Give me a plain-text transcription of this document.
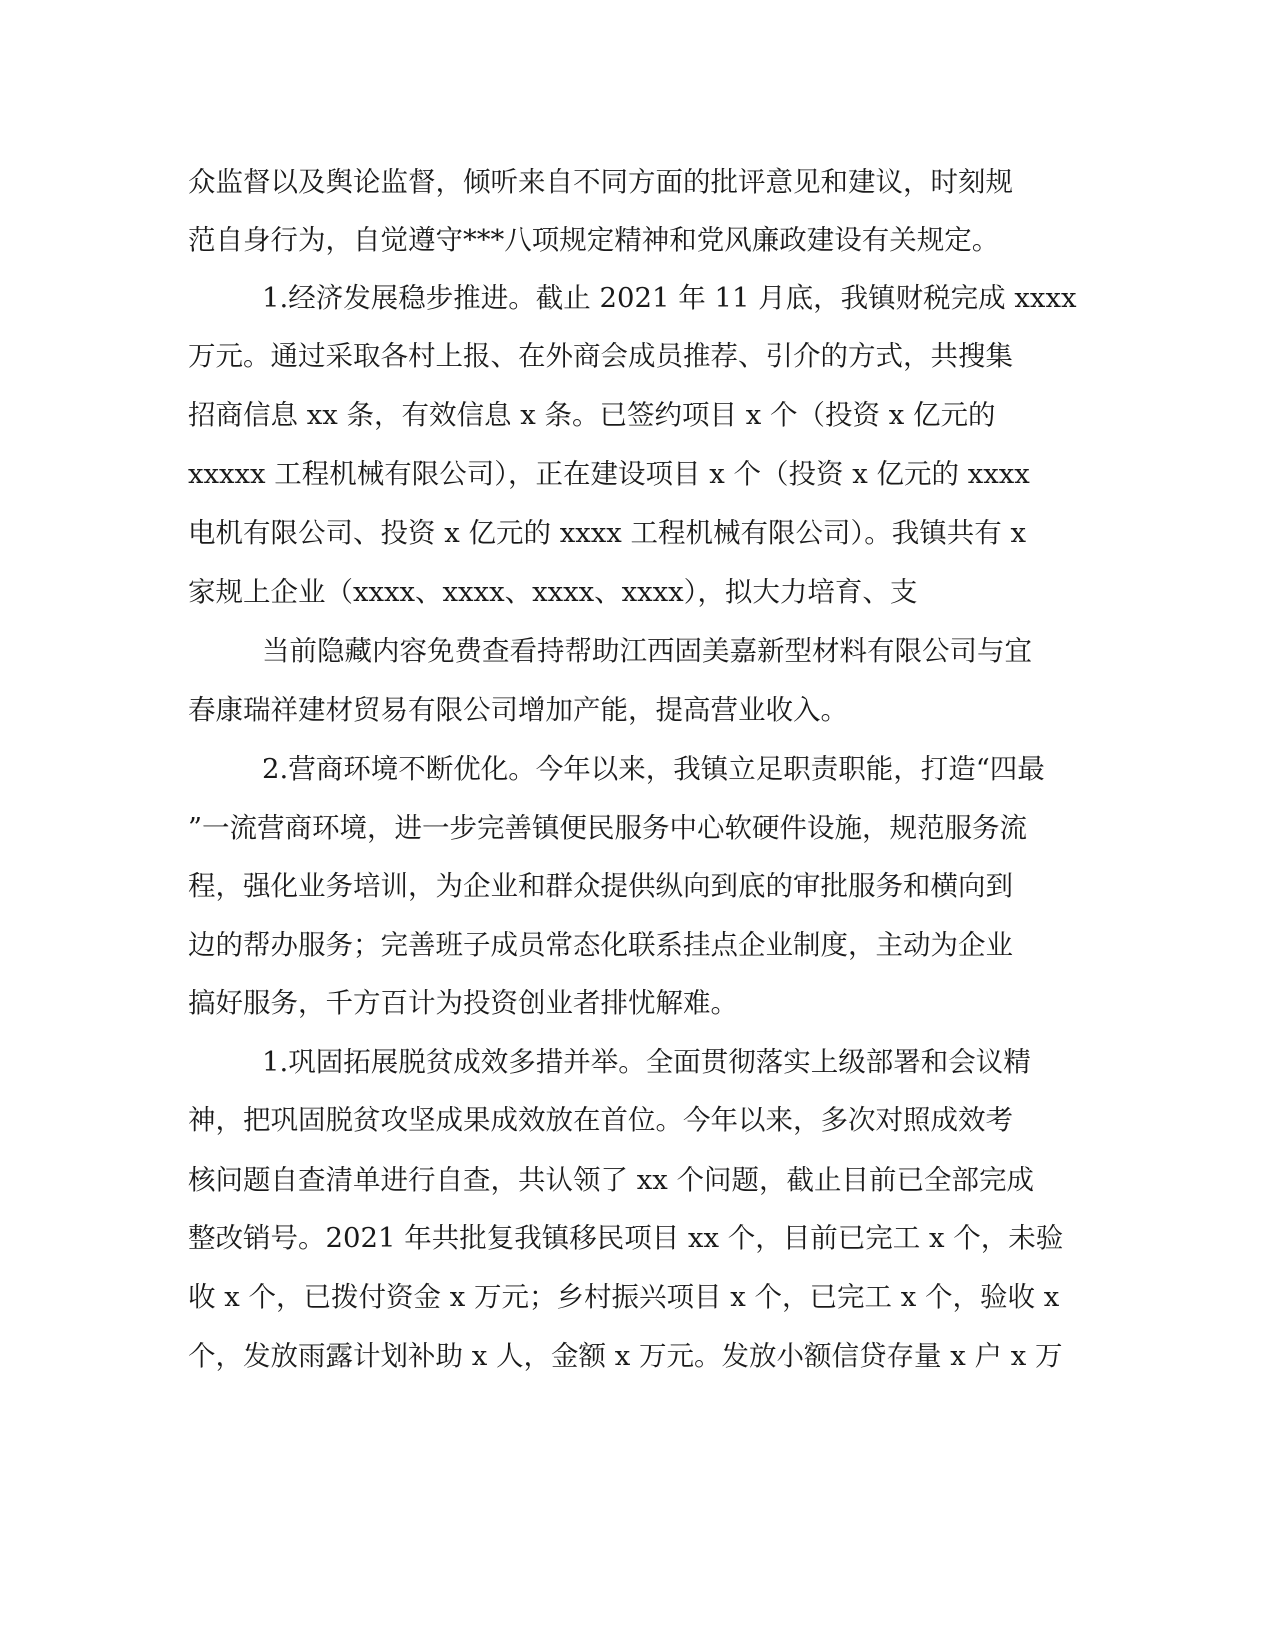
众监督以及舆论监督，倾听来自不同方面的批评意见和建议，时刻规
范自身行为，自觉遵守***八项规定精神和党风廉政建设有关规定。
1.经济发展稳步推进。截止 2021 年 11 月底，我镇财税完成 xxxx
万元。通过采取各村上报、在外商会成员推荐、引介的方式，共搜集
招商信息 xx 条，有效信息 x 条。已签约项目 x 个（投资 x 亿元的
xxxxx 工程机械有限公司），正在建设项目 x 个（投资 x 亿元的 xxxx
电机有限公司、投资 x 亿元的 xxxx 工程机械有限公司）。我镇共有 x
家规上企业（xxxx、xxxx、xxxx、xxxx），拟大力培育、支
当前隐藏内容免费查看持帮助江西固美嘉新型材料有限公司与宜
春康瑞祥建材贸易有限公司增加产能，提高营业收入。
2.营商环境不断优化。今年以来，我镇立足职责职能，打造“四最
”一流营商环境，进一步完善镇便民服务中心软硬件设施，规范服务流
程，强化业务培训，为企业和群众提供纵向到底的审批服务和横向到
边的帮办服务；完善班子成员常态化联系挂点企业制度，主动为企业
搞好服务，千方百计为投资创业者排忧解难。
1.巩固拓展脱贫成效多措并举。全面贯彻落实上级部署和会议精
神，把巩固脱贫攻坚成果成效放在首位。今年以来，多次对照成效考
核问题自查清单进行自查，共认领了 xx 个问题，截止目前已全部完成
整改销号。2021 年共批复我镇移民项目 xx 个，目前已完工 x 个，未验
收 x 个，已拨付资金 x 万元；乡村振兴项目 x 个，已完工 x 个，验收 x
个，发放雨露计划补助 x 人，金额 x 万元。发放小额信贷存量 x 户 x 万
